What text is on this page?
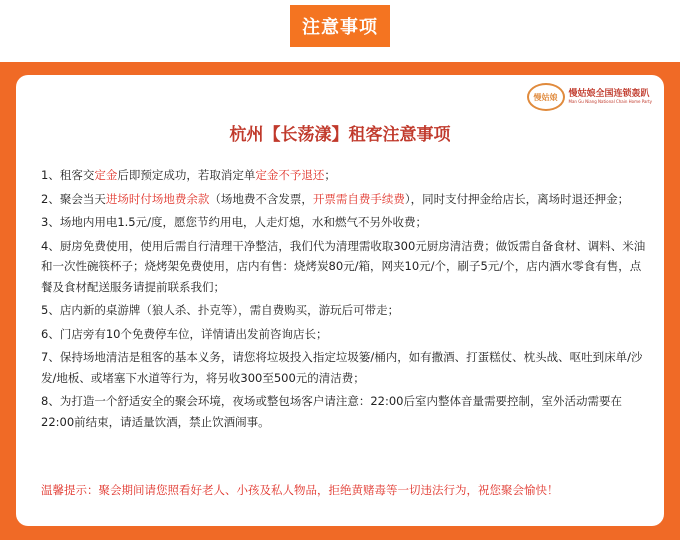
注意事项
慢姑娘	慢姑娘全国连锁轰趴
Man Gu Niang National Chain Home Party
杭州【长荡漾】租客注意事项

1、租客交定金后即预定成功，若取消定单定金不予退还；

2、聚会当天进场时付场地费余款（场地费不含发票，开票需自费手续费），同时支付押金给店长，离场时退还押金；

3、场地内用电1.5元/度，愿您节约用电，人走灯熄，水和燃气不另外收费；

4、厨房免费使用，使用后需自行清理干净整洁，我们代为清理需收取300元厨房清洁费；做饭需自备食材、调料、米油和一次性碗筷杯子；烧烤架免费使用，店内有售：烧烤炭80元/箱，网夹10元/个，刷子5元/个，店内酒水零食有售，点餐及食材配送服务请提前联系我们；

5、店内新的桌游牌（狼人杀、扑克等），需自费购买，游玩后可带走；

6、门店旁有10个免费停车位，详情请出发前咨询店长；

7、保持场地清洁是租客的基本义务，请您将垃圾投入指定垃圾篓/桶内，如有撒酒、打蛋糕仗、枕头战、呕吐到床单/沙发/地板、或堵塞下水道等行为，将另收300至500元的清洁费；

8、为打造一个舒适安全的聚会环境，夜场或整包场客户请注意：22:00后室内整体音量需要控制，室外活动需要在22:00前结束，请适量饮酒，禁止饮酒闹事。

温馨提示：聚会期间请您照看好老人、小孩及私人物品，拒绝黄赌毒等一切违法行为，祝您聚会愉快！
